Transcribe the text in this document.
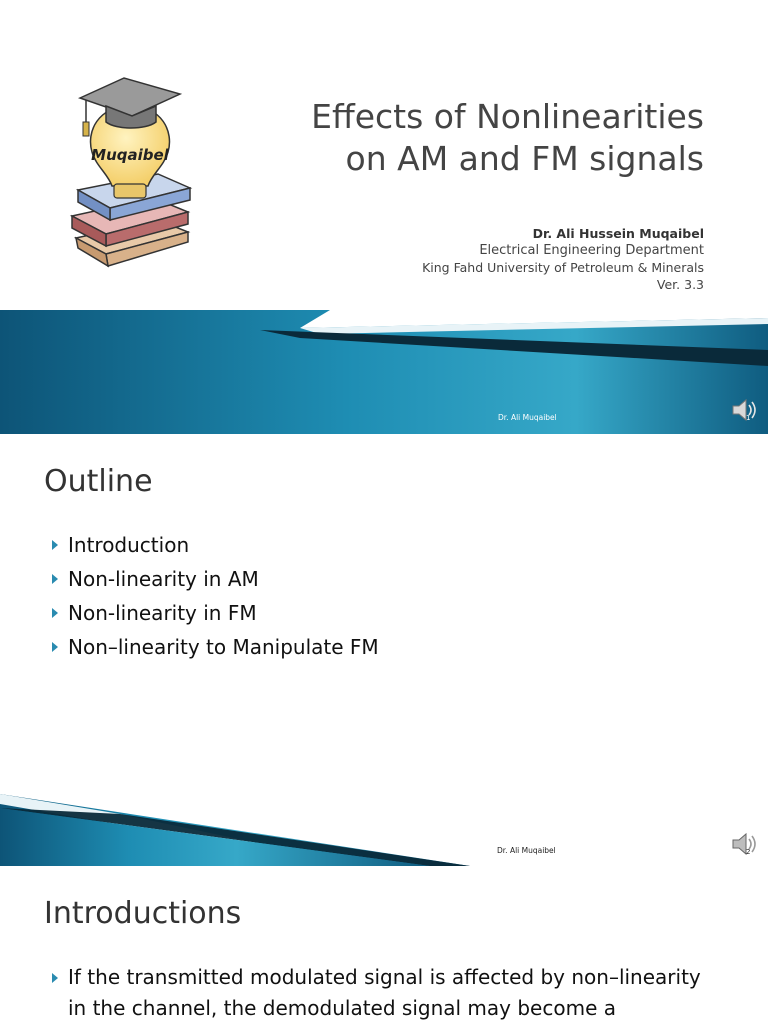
Muqaibel
Effects of Nonlinearities
on AM and FM signals
Dr. Ali Hussein Muqaibel
Electrical Engineering Department
King Fahd University of Petroleum & Minerals
Ver. 3.3
Dr. Ali Muqaibel	1
Outline
Introduction
Non-linearity in AM
Non-linearity in FM
Non–linearity to Manipulate FM
Dr. Ali Muqaibel	2
Introductions
If the transmitted modulated signal is affected by non–linearity
in the channel, the demodulated signal may become a
